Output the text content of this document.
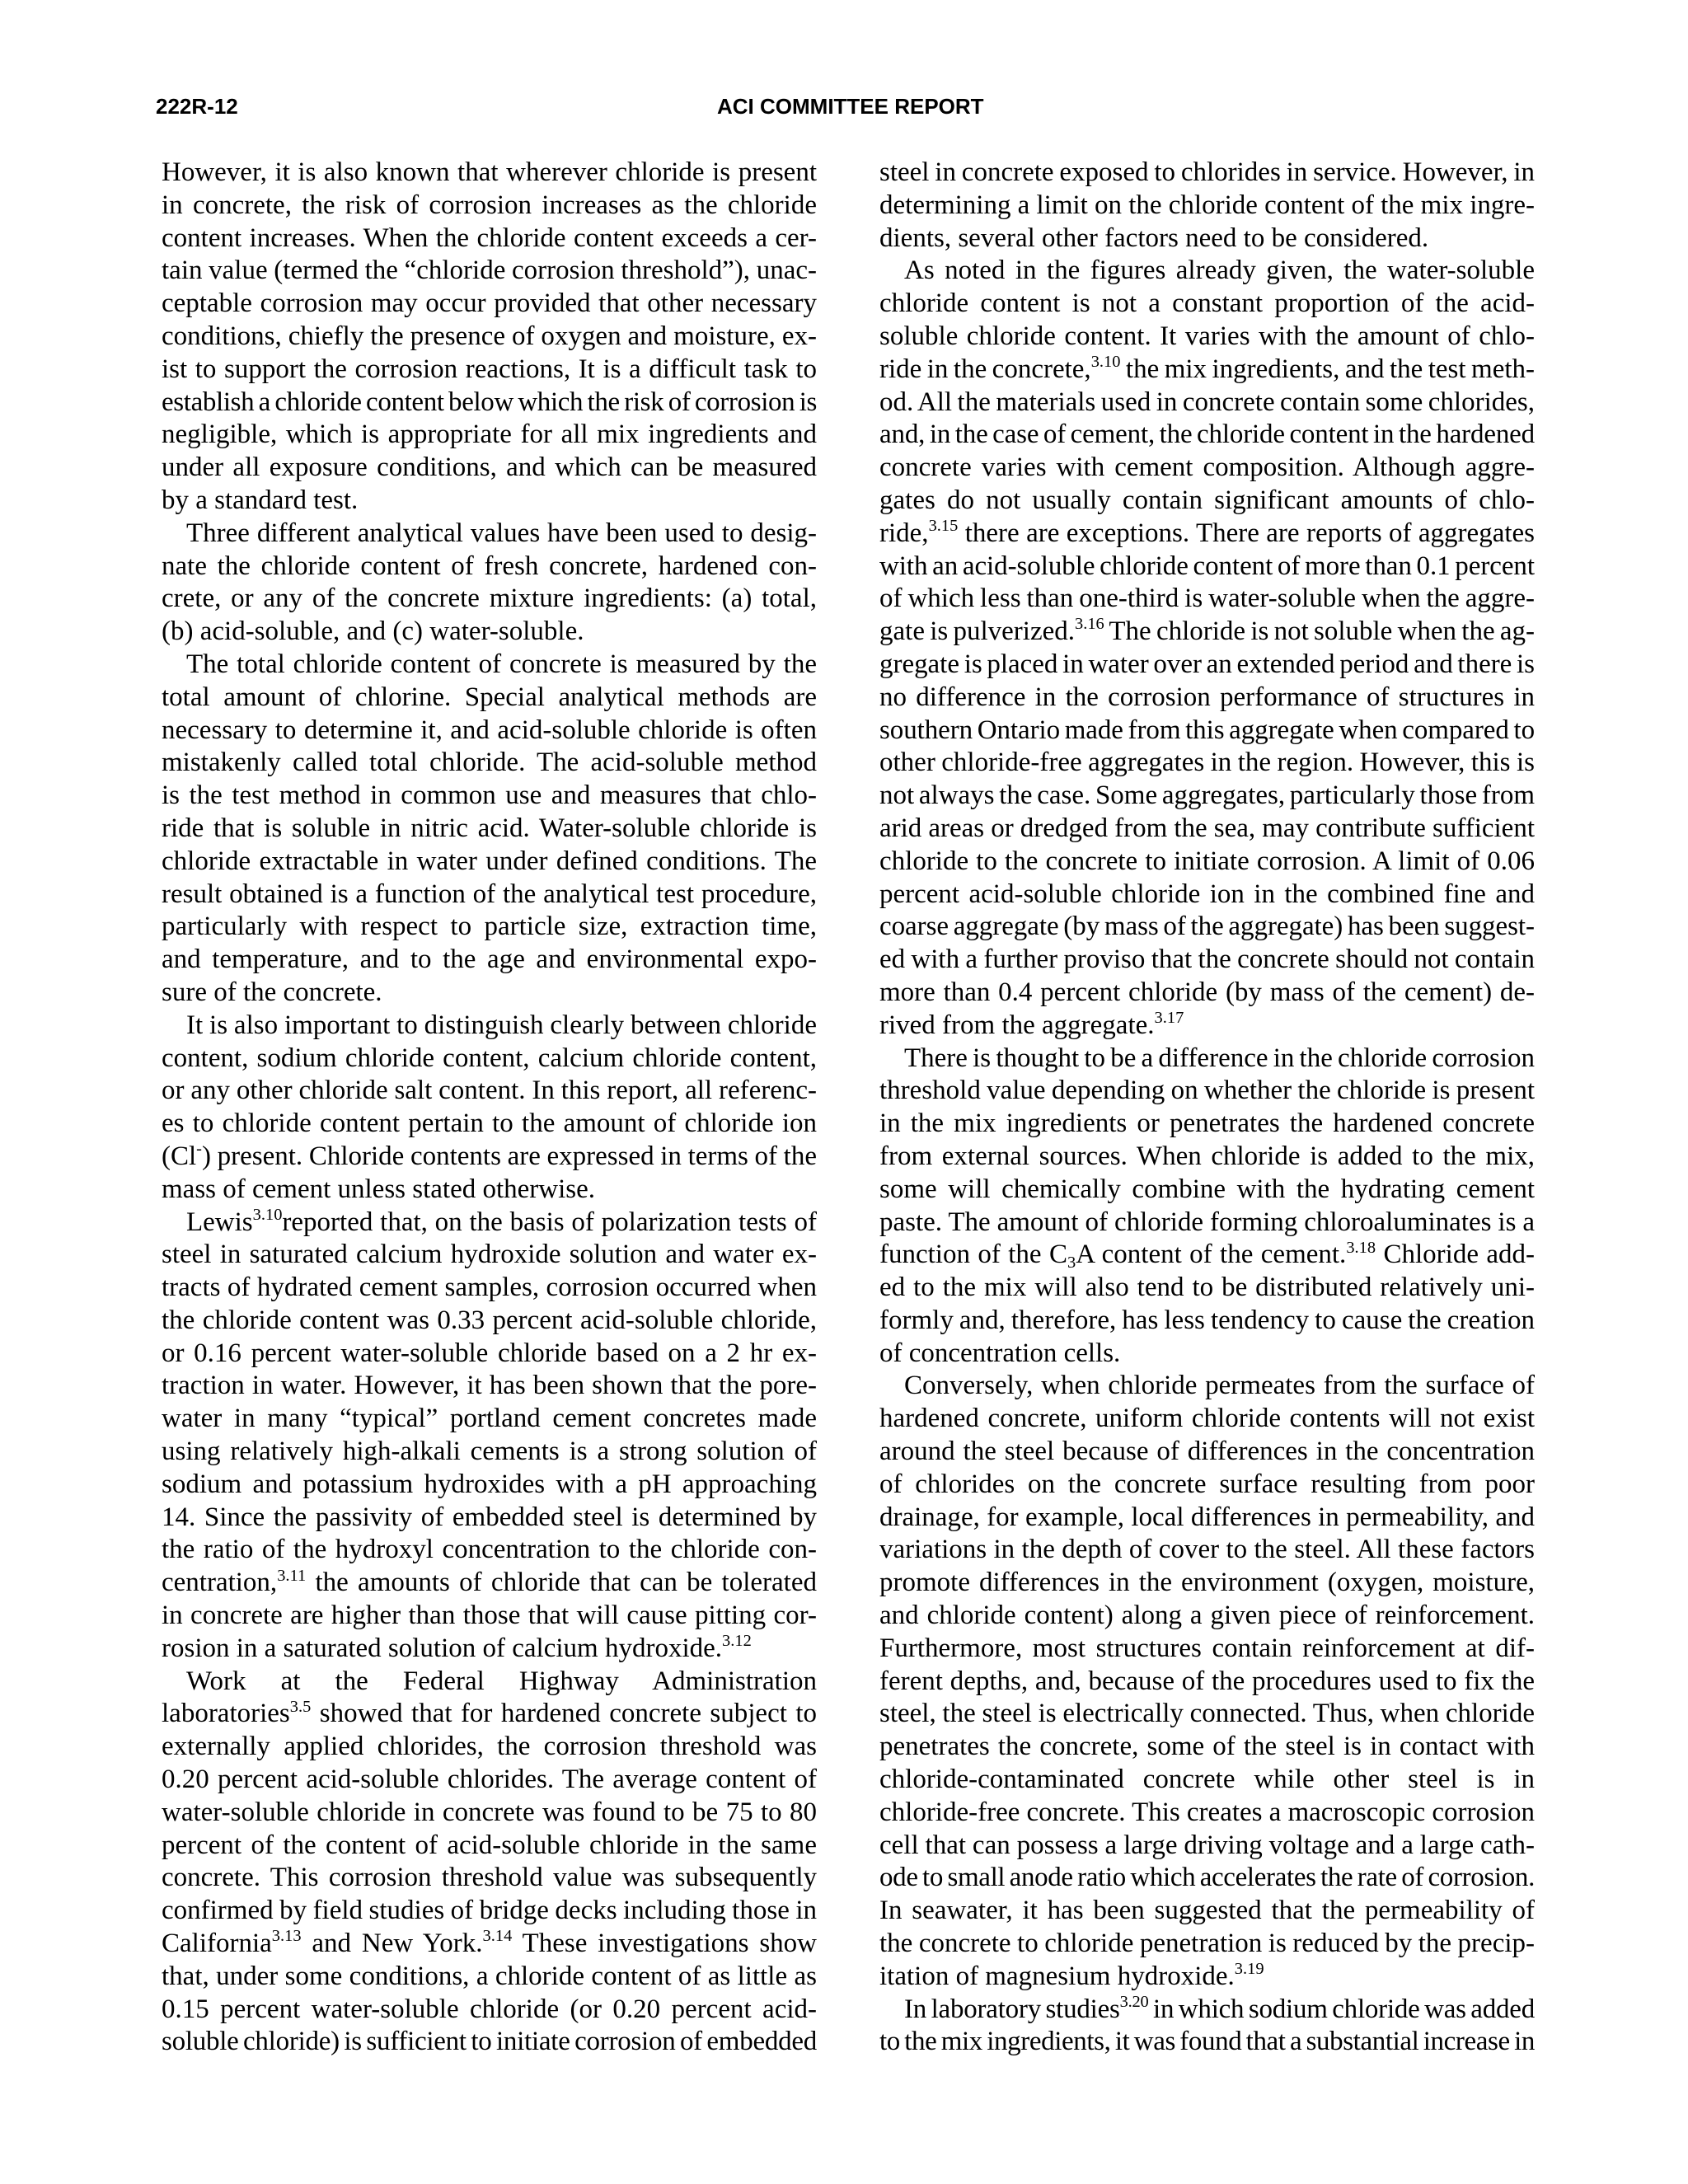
222R-12	ACI COMMITTEE REPORT
However, it is also known that wherever chloride is present
in concrete, the risk of corrosion increases as the chloride
content increases. When the chloride content exceeds a cer-
tain value (termed the “chloride corrosion threshold”), unac-
ceptable corrosion may occur provided that other necessary
conditions, chiefly the presence of oxygen and moisture, ex-
ist to support the corrosion reactions, It is a difficult task to
establish a chloride content below which the risk of corrosion is
negligible, which is appropriate for all mix ingredients and
under all exposure conditions, and which can be measured
by a standard test.
Three different analytical values have been used to desig-
nate the chloride content of fresh concrete, hardened con-
crete, or any of the concrete mixture ingredients: (a) total,
(b) acid-soluble, and (c) water-soluble.
The total chloride content of concrete is measured by the
total amount of chlorine. Special analytical methods are
necessary to determine it, and acid-soluble chloride is often
mistakenly called total chloride. The acid-soluble method
is the test method in common use and measures that chlo-
ride that is soluble in nitric acid. Water-soluble chloride is
chloride extractable in water under defined conditions. The
result obtained is a function of the analytical test procedure,
particularly with respect to particle size, extraction time,
and temperature, and to the age and environmental expo-
sure of the concrete.
It is also important to distinguish clearly between chloride
content, sodium chloride content, calcium chloride content,
or any other chloride salt content. In this report, all referenc-
es to chloride content pertain to the amount of chloride ion
(Cl-) present. Chloride contents are expressed in terms of the
mass of cement unless stated otherwise.
Lewis$^{3.10}$reported that, on the basis of polarization tests of
steel in saturated calcium hydroxide solution and water ex-
tracts of hydrated cement samples, corrosion occurred when
the chloride content was 0.33 percent acid-soluble chloride,
or 0.16 percent water-soluble chloride based on a 2 hr ex-
traction in water. However, it has been shown that the pore-
water in many “typical” portland cement concretes made
using relatively high-alkali cements is a strong solution of
sodium and potassium hydroxides with a pH approaching
14. Since the passivity of embedded steel is determined by
the ratio of the hydroxyl concentration to the chloride con-
centration,$^{3.11}$ the amounts of chloride that can be tolerated
in concrete are higher than those that will cause pitting cor-
rosion in a saturated solution of calcium hydroxide.$^{3.12}$
Work at the Federal Highway Administration
laboratories$^{3.5}$ showed that for hardened concrete subject to
externally applied chlorides, the corrosion threshold was
0.20 percent acid-soluble chlorides. The average content of
water-soluble chloride in concrete was found to be 75 to 80
percent of the content of acid-soluble chloride in the same
concrete. This corrosion threshold value was subsequently
confirmed by field studies of bridge decks including those in
California$^{3.13}$ and New York.$^{3.14}$ These investigations show
that, under some conditions, a chloride content of as little as
0.15 percent water-soluble chloride (or 0.20 percent acid-
soluble chloride) is sufficient to initiate corrosion of embedded
steel in concrete exposed to chlorides in service. However, in
determining a limit on the chloride content of the mix ingre-
dients, several other factors need to be considered.
As noted in the figures already given, the water-soluble
chloride content is not a constant proportion of the acid-
soluble chloride content. It varies with the amount of chlo-
ride in the concrete,$^{3.10}$ the mix ingredients, and the test meth-
od. All the materials used in concrete contain some chlorides,
and, in the case of cement, the chloride content in the hardened
concrete varies with cement composition. Although aggre-
gates do not usually contain significant amounts of chlo-
ride,$^{3.15}$ there are exceptions. There are reports of aggregates
with an acid-soluble chloride content of more than 0.1 percent
of which less than one-third is water-soluble when the aggre-
gate is pulverized.$^{3.16}$ The chloride is not soluble when the ag-
gregate is placed in water over an extended period and there is
no difference in the corrosion performance of structures in
southern Ontario made from this aggregate when compared to
other chloride-free aggregates in the region. However, this is
not always the case. Some aggregates, particularly those from
arid areas or dredged from the sea, may contribute sufficient
chloride to the concrete to initiate corrosion. A limit of 0.06
percent acid-soluble chloride ion in the combined fine and
coarse aggregate (by mass of the aggregate) has been suggest-
ed with a further proviso that the concrete should not contain
more than 0.4 percent chloride (by mass of the cement) de-
rived from the aggregate.$^{3.17}$
There is thought to be a difference in the chloride corrosion
threshold value depending on whether the chloride is present
in the mix ingredients or penetrates the hardened concrete
from external sources. When chloride is added to the mix,
some will chemically combine with the hydrating cement
paste. The amount of chloride forming chloroaluminates is a
function of the $C_3A$ content of the cement.$^{3.18}$ Chloride add-
ed to the mix will also tend to be distributed relatively uni-
formly and, therefore, has less tendency to cause the creation
of concentration cells.
Conversely, when chloride permeates from the surface of
hardened concrete, uniform chloride contents will not exist
around the steel because of differences in the concentration
of chlorides on the concrete surface resulting from poor
drainage, for example, local differences in permeability, and
variations in the depth of cover to the steel. All these factors
promote differences in the environment (oxygen, moisture,
and chloride content) along a given piece of reinforcement.
Furthermore, most structures contain reinforcement at dif-
ferent depths, and, because of the procedures used to fix the
steel, the steel is electrically connected. Thus, when chloride
penetrates the concrete, some of the steel is in contact with
chloride-contaminated concrete while other steel is in
chloride-free concrete. This creates a macroscopic corrosion
cell that can possess a large driving voltage and a large cath-
ode to small anode ratio which accelerates the rate of corrosion.
In seawater, it has been suggested that the permeability of
the concrete to chloride penetration is reduced by the precip-
itation of magnesium hydroxide.$^{3.19}$
In laboratory studies$^{3.20}$ in which sodium chloride was added
to the mix ingredients, it was found that a substantial increase in
